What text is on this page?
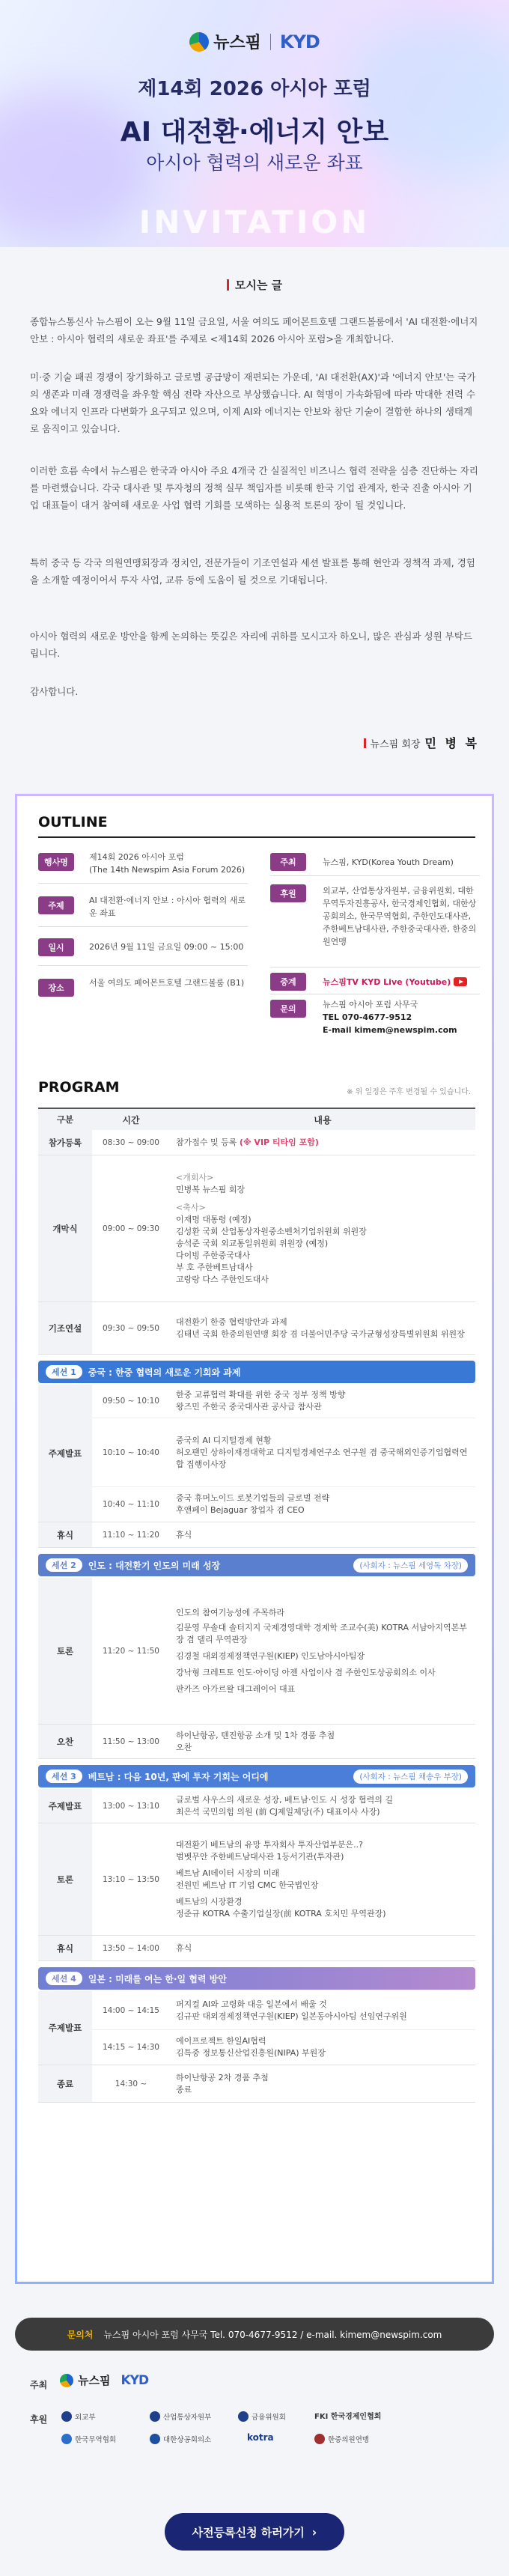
뉴스핌 KYD
제14회 2026 아시아 포럼
AI 대전환·에너지 안보
아시아 협력의 새로운 좌표
INVITATION
모시는 글

종합뉴스통신사 뉴스핌이 오는 9월 11일 금요일, 서울 여의도 페어몬트호텔 그랜드볼룸에서 'AI 대전환·에너지 안보 : 아시아 협력의 새로운 좌표'를 주제로 <제14회 2026 아시아 포럼>을 개최합니다.

미·중 기술 패권 경쟁이 장기화하고 글로벌 공급망이 재편되는 가운데, 'AI 대전환(AX)'과 '에너지 안보'는 국가의 생존과 미래 경쟁력을 좌우할 핵심 전략 자산으로 부상했습니다. AI 혁명이 가속화됨에 따라 막대한 전력 수요와 에너지 인프라 다변화가 요구되고 있으며, 이제 AI와 에너지는 안보와 참단 기술이 결합한 하나의 생태계로 움직이고 있습니다.

이러한 흐름 속에서 뉴스핌은 한국과 아시아 주요 4개국 간 실질적인 비즈니스 협력 전략을 심층 진단하는 자리를 마련했습니다. 각국 대사관 및 투자청의 정책 실무 책임자를 비롯해 한국 기업 관계자, 한국 진출 아시아 기업 대표들이 대거 참여해 새로운 사업 협력 기회를 모색하는 실용적 토론의 장이 될 것입니다.

특히 중국 등 각국 의원연맹회장과 정치인, 전문가들이 기조연설과 세션 발표를 통해 현안과 정책적 과제, 경험을 소개할 예정이어서 투자 사업, 교류 등에 도움이 될 것으로 기대됩니다.

아시아 협력의 새로운 방안을 함께 논의하는 뜻깊은 자리에 귀하를 모시고자 하오니, 많은 관심과 성원 부탁드립니다.

감사합니다.

뉴스핌 회장 민 병 복
OUTLINE
행사명
제14회 2026 아시아 포럼
(The 14th Newspim Asia Forum 2026)
주제
AI 대전환·에너지 안보 : 아시아 협력의 새로운 좌표
일시	2026년 9월 11일 금요일 09:00 ~ 15:00
장소
서울 여의도 페어몬트호텔 그랜드볼룸 (B1)
주최	뉴스핌, KYD(Korea Youth Dream)
후원	외교부, 산업통상자원부, 금융위원회, 대한무역투자진흥공사, 한국경제인협회, 대한상공회의소, 한국무역협회, 주한인도대사관, 주한베트남대사관, 주한중국대사관, 한중의원연맹
중계	뉴스핌TV KYD Live (Youtube)
문의	뉴스핌 아시아 포럼 사무국
TEL 070-4677-9512
E-mail kimem@newspim.com
PROGRAM	※ 위 일정은 주후 변경될 수 있습니다.
구분	시간	내용
참가등록	08:30 ~ 09:00	참가접수 및 등록 (※ VIP 티타임 포함)
개막식	09:00 ~ 09:30
<개회사>
민병복 뉴스핌 회장
<축사>
이재명 대통령 (예정)
김성환 국회 산업통상자원중소벤처기업위원회 위원장
송석준 국회 외교통일위원회 위원장 (예정)
다이빙 주한중국대사
부 호 주한베트남대사
고랑랑 다스 주한인도대사
기조연설	09:30 ~ 09:50
대전환기 한중 협력방안과 과제
김태년 국회 한중의원연맹 회장 겸 더불어민주당 국가균형성장특별위원회 위원장
세션 1	중국 : 한중 협력의 새로운 기회와 과제
주제발표
09:50 ~ 10:10
한중 교류협력 확대를 위한 중국 정부 정책 방향
왕즈민 주한국 중국대사관 공사급 참사관
10:10 ~ 10:40
중국의 AI 디지털경제 현황
허오팬민 상하이재경대학교 디지털경제연구소 연구원 겸 중국해외인증기업협력연합 집행이사장
10:40 ~ 11:10
중국 휴머노이드 로봇기업들의 글로벌 전략
후앤페이 Bejaguar 창업자 겸 CEO
휴식	11:10 ~ 11:20	휴식
세션 2	인도 : 대전환기 인도의 미래 성장	(사회자 : 뉴스핌 세영독 차장)
토론	11:20 ~ 11:50
인도의 참여기능성에 주목하라
김문영 무솔대 솔터지지 국제경영대학 경제학 조교수(美) KOTRA 서남아지역본부장 겸 델리 무역관장
김경철 대외경제정책연구원(KIEP) 인도남아시아팀장
강낙형 크레트토 인도·아이딩 아젠 사업이사 겸 주한인도상공회의소 이사
판카즈 아가르왈 대그레이어 대표
오찬	11:50 ~ 13:00
하이난항공, 텐진항공 소개 및 1차 경품 추첨
오찬
세션 3	베트남 : 다음 10년, 판에 투자 기회는 어디에	(사회자 : 뉴스핌 채송우 부장)
주제발표	13:00 ~ 13:10
글로벌 사우스의 새로운 성장, 베트남·인도 시 성장 협력의 길
최은석 국민의힘 의원 (前 CJ제일제당(주) 대표이사 사장)
토론	13:10 ~ 13:50
대전환기 베트남의 유망 투자회사 투자산업부분은..?
범벳무안 주한베트남대사관 1등서기관(투자관)
베트남 AI데이터 시장의 미래
전원민 베트남 IT 기업 CMC 한국법인장
베트남의 시장환경
정준규 KOTRA 수출기업실장(前 KOTRA 호치민 무역관장)
휴식	13:50 ~ 14:00	휴식
세션 4	일본 : 미래를 여는 한·일 협력 방안
주제발표
14:00 ~ 14:15
퍼지컬 AI와 고령화 대응 일본에서 배울 것
김규판 대외경제정책연구원(KIEP) 일본동아시아팀 선임연구위원
14:15 ~ 14:30
에이프로젝트 한일AI협력
김특중 정보통신산업진흥원(NIPA) 부원장
종료	14:30 ~
하이난항공 2차 경품 추첨
종료
문의처 뉴스핌 아시아 포럼 사무국 Tel. 070-4677-9512 / e-mail. kimem@newspim.com
주최	뉴스핌 KYD
후원	외교부	산업통상자원부	금융위원회	FKI 한국경제인협회
한국무역협회	대한상공회의소	kotra	한중의원연맹
사전등록신청 하러가기 ›
